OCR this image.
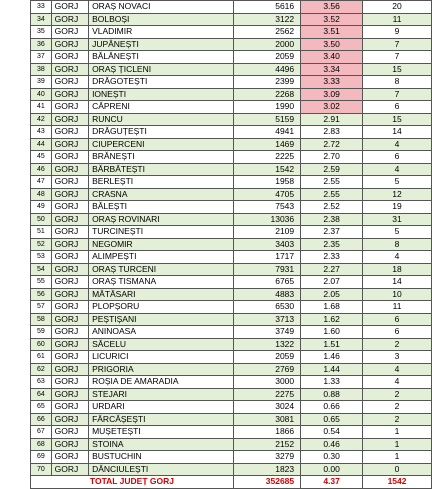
33	GORJ	ORAȘ NOVACI	5616	3.56	20
34	GORJ	BOLBOȘI	3122	3.52	11
35	GORJ	VLADIMIR	2562	3.51	9
36	GORJ	JUPÂNEȘTI	2000	3.50	7
37	GORJ	BĂLĂNEȘTI	2059	3.40	7
38	GORJ	ORAȘ ȚICLENI	4496	3.34	15
39	GORJ	DRĂGOTEȘTI	2399	3.33	8
40	GORJ	IONEȘTI	2268	3.09	7
41	GORJ	CĂPRENI	1990	3.02	6
42	GORJ	RUNCU	5159	2.91	15
43	GORJ	DRĂGUȚEȘTI	4941	2.83	14
44	GORJ	CIUPERCENI	1469	2.72	4
45	GORJ	BRĂNEȘTI	2225	2.70	6
46	GORJ	BĂRBĂTEȘTI	1542	2.59	4
47	GORJ	BERLEȘTI	1958	2.55	5
48	GORJ	CRASNA	4705	2.55	12
49	GORJ	BĂLEȘTI	7543	2.52	19
50	GORJ	ORAȘ ROVINARI	13036	2.38	31
51	GORJ	TURCINEȘTI	2109	2.37	5
52	GORJ	NEGOMIR	3403	2.35	8
53	GORJ	ALIMPEȘTI	1717	2.33	4
54	GORJ	ORAȘ TURCENI	7931	2.27	18
55	GORJ	ORAȘ TISMANA	6765	2.07	14
56	GORJ	MĂTĂSARI	4883	2.05	10
57	GORJ	PLOPȘORU	6530	1.68	11
58	GORJ	PEȘTIȘANI	3713	1.62	6
59	GORJ	ANINOASA	3749	1.60	6
60	GORJ	SĂCELU	1322	1.51	2
61	GORJ	LICURICI	2059	1.46	3
62	GORJ	PRIGORIA	2769	1.44	4
63	GORJ	ROȘIA DE AMARADIA	3000	1.33	4
64	GORJ	STEJARI	2275	0.88	2
65	GORJ	URDARI	3024	0.66	2
66	GORJ	FĂRCĂȘEȘTI	3081	0.65	2
67	GORJ	MUȘETEȘTI	1866	0.54	1
68	GORJ	STOINA	2152	0.46	1
69	GORJ	BUSTUCHIN	3279	0.30	1
70	GORJ	DĂNCIULEȘTI	1823	0.00	0
TOTAL JUDEȚ GORJ			352685	4.37	1542
